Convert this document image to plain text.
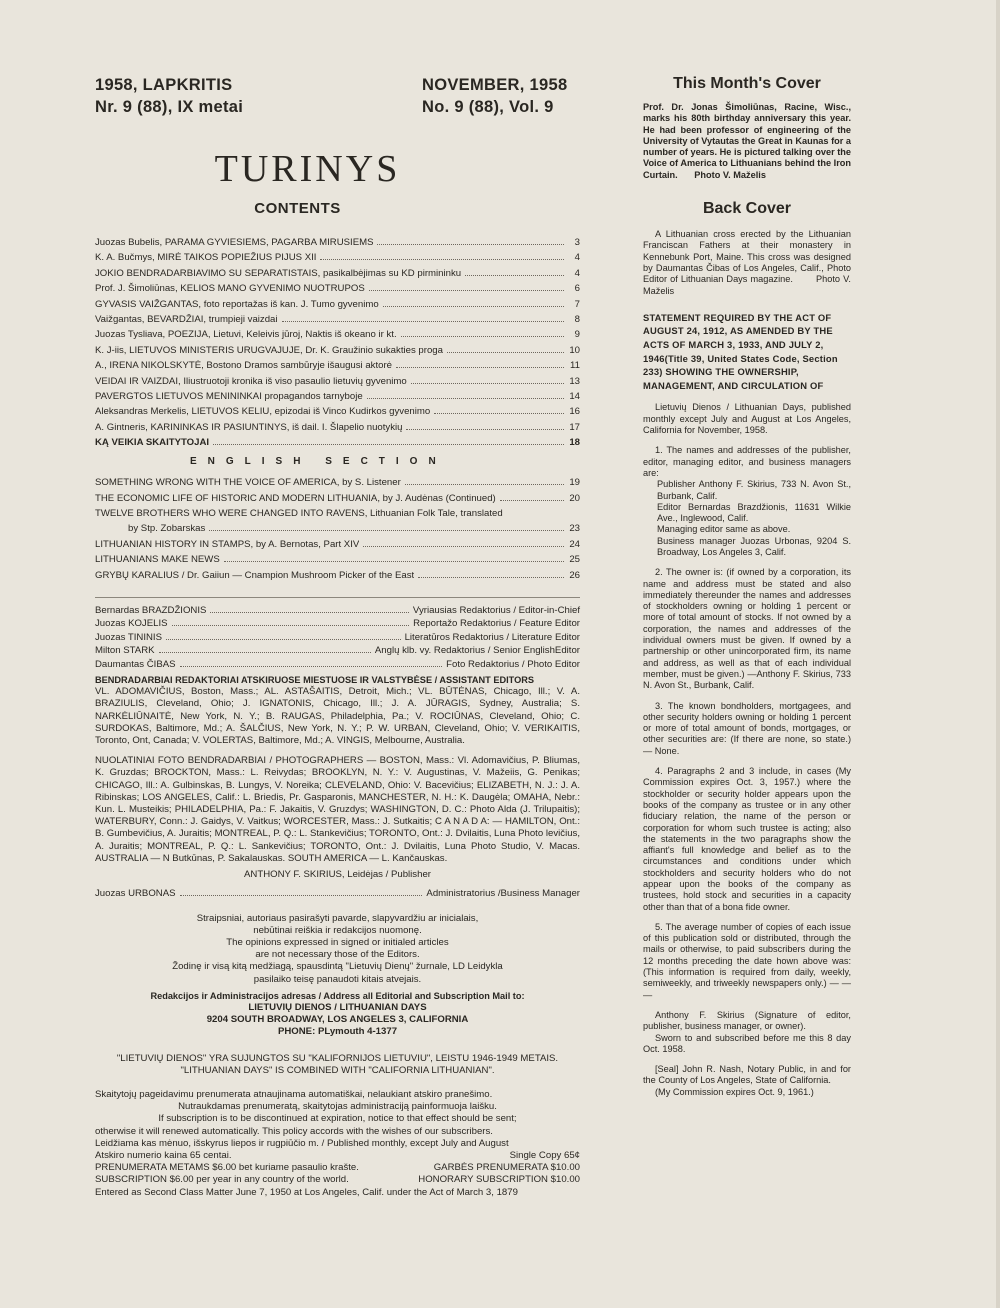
1958, LAPKRITIS
Nr. 9 (88), IX metai
NOVEMBER, 1958
No. 9 (88), Vol. 9
TURINYS
CONTENTS
Juozas Bubelis, PARAMA GYVIESIEMS, PAGARBA MIRUSIEMS	3
K. A. Bučmys, MIRĖ TAIKOS POPIEŽIUS PIJUS XII	4
JOKIO BENDRADARBIAVIMO SU SEPARATISTAIS, pasikalbėjimas su KD pirmininku	4
Prof. J. Šimoliūnas, KELIOS MANO GYVENIMO NUOTRUPOS	6
GYVASIS VAIŽGANTAS, foto reportažas iš kan. J. Tumo gyvenimo	7
Vaižgantas, BEVARDŽIAI, trumpieji vaizdai	8
Juozas Tysliava, POEZIJA, Lietuvi, Keleivis jūroj, Naktis iš okeano ir kt.	9
K. J-iis, LIETUVOS MINISTERIS URUGVAJUJE, Dr. K. Graužinio sukakties proga	10
A., IRENA NIKOLSKYTĖ, Bostono Dramos sambūryje išaugusi aktorė	11
VEIDAI IR VAIZDAI, Iliustruotoji kronika iš viso pasaulio lietuvių gyvenimo	13
PAVERGTOS LIETUVOS MENININKAI propagandos tarnyboje	14
Aleksandras Merkelis, LIETUVOS KELIU, epizodai iš Vinco Kudirkos gyvenimo	16
A. Gintneris, KARININKAS IR PASIUNTINYS, iš dail. I. Šlapelio nuotykių	17
KĄ VEIKIA SKAITYTOJAI	18
ENGLISH SECTION
SOMETHING WRONG WITH THE VOICE OF AMERICA, by S. Listener	19
THE ECONOMIC LIFE OF HISTORIC AND MODERN LITHUANIA, by J. Audėnas (Continued)	20
TWELVE BROTHERS WHO WERE CHANGED INTO RAVENS, Lithuanian Folk Tale, translated
by Stp. Zobarskas	23
LITHUANIAN HISTORY IN STAMPS, by A. Bernotas, Part XIV	24
LITHUANIANS MAKE NEWS	25
GRYBŲ KARALIUS / Dr. Gaiiun — Cnampion Mushroom Picker of the East	26
Bernardas BRAZDŽIONIS	Vyriausias Redaktorius / Editor-in-Chief
Juozas KOJELIS	Reportažo Redaktorius / Feature Editor
Juozas TININIS	Literatūros Redaktorius / Literature Editor
Milton STARK	Anglų klb. vy. Redaktorius / Senior EnglishEditor
Daumantas ČIBAS	Foto Redaktorius / Photo Editor
BENDRADARBIAI REDAKTORIAI ATSKIRUOSE MIESTUOSE IR VALSTYBĖSE / ASSISTANT EDITORS
VL. ADOMAVIČIUS, Boston, Mass.; AL. ASTAŠAITIS, Detroit, Mich.; VL. BŪTĖNAS, Chicago, Ill.; V. A. BRAZIULIS, Cleveland, Ohio; J. IGNATONIS, Chicago, Ill.; J. A. JŪRAGIS, Sydney, Australia; S. NARKĖLIŪNAITĖ, New York, N. Y.; B. RAUGAS, Philadelphia, Pa.; V. ROCIŪNAS, Cleveland, Ohio; C. SURDOKAS, Baltimore, Md.; A. ŠALČIUS, New York, N. Y.; P. W. URBAN, Cleveland, Ohio; V. VERIKAITIS, Toronto, Ont, Canada; V. VOLERTAS, Baltimore, Md.; A. VINGIS, Melbourne, Australia.
NUOLATINIAI FOTO BENDRADARBIAI / PHOTOGRAPHERS — BOSTON, Mass.: Vl. Adomavičius, P. Bliumas, K. Gruzdas; BROCKTON, Mass.: L. Reivydas; BROOKLYN, N. Y.: V. Augustinas, V. Mažeiis, G. Penikas; CHICAGO, Ill.: A. Gulbinskas, B. Lungys, V. Noreika; CLEVELAND, Ohio: V. Bacevičius; ELIZABETH, N. J.: J. A. Ribinskas; LOS ANGELES, Calif.: L. Briedis, Pr. Gasparonis, MANCHESTER, N. H.: K. Daugėla; OMAHA, Nebr.: Kun. L. Musteikis; PHILADELPHIA, Pa.: F. Jakaitis, V. Gruzdys; WASHINGTON, D. C.: Photo Alda (J. Trilupaitis); WATERBURY, Conn.: J. Gaidys, V. Vaitkus; WORCESTER, Mass.: J. Sutkaitis; C A N A D A: — HAMILTON, Ont.: B. Gumbevičius, A. Juraitis; MONTREAL, P. Q.: L. Stankevičius; TORONTO, Ont.: J. Dvilaitis, Luna Photo levičius, A. Juraitis; MONTREAL, P. Q.: L. Sankevičius; TORONTO, Ont.: J. Dvilaitis, Luna Photo Studio, V. Macas. AUSTRALIA — N Butkūnas, P. Sakalauskas. SOUTH AMERICA — L. Kančauskas.
ANTHONY F. SKIRIUS, Leidėjas / Publisher
Juozas URBONAS	Administratorius /Business Manager
Straipsniai, autoriaus pasirašyti pavarde, slapyvardžiu ar inicialais,
nebūtinai reiškia ir redakcijos nuomonę.
The opinions expressed in signed or initialed articles
are not necessary those of the Editors.
Žodinę ir visą kitą medžiagą, spausdintą "Lietuvių Dienų" žurnale, LD Leidykla
pasilaiko teisę panaudoti kitais atvejais.
Redakcijos ir Administracijos adresas / Address all Editorial and Subscription Mail to:
LIETUVIŲ DIENOS / LITHUANIAN DAYS
9204 SOUTH BROADWAY, LOS ANGELES 3, CALIFORNIA
PHONE: PLymouth 4-1377
"LIETUVIŲ DIENOS" YRA SUJUNGTOS SU "KALIFORNIJOS LIETUVIU", LEISTU 1946-1949 METAIS.
"LITHUANIAN DAYS" IS COMBINED WITH "CALIFORNIA LITHUANIAN".
Skaitytojų pageidavimu prenumerata atnaujinama automatiškai, nelaukiant atskiro pranešimo.
Nutraukdamas prenumeratą, skaitytojas administraciją painformuoja laišku.
If subscription is to be discontinued at expiration, notice to that effect should be sent;
otherwise it will renewed automatically. This policy accords with the wishes of our subscribers.
Leidžiama kas mėnuo, išskyrus liepos ir rugpiūčio m. / Published monthly, except July and August
Atskiro numerio kaina 65 centai.	Single Copy 65¢
PRENUMERATA METAMS $6.00 bet kuriame pasaulio krašte.	GARBĖS PRENUMERATA $10.00
SUBSCRIPTION $6.00 per year in any country of the world.	HONORARY SUBSCRIPTION $10.00
Entered as Second Class Matter June 7, 1950 at Los Angeles, Calif. under the Act of March 3, 1879
This Month's Cover
Prof. Dr. Jonas Šimoliūnas, Racine, Wisc., marks his 80th birthday anniversary this year. He had been professor of engineering of the University of Vytautas the Great in Kaunas for a number of years. He is pictured talking over the Voice of America to Lithuanians behind the Iron Curtain. Photo V. Maželis
Back Cover
A Lithuanian cross erected by the Lithuanian Franciscan Fathers at their monastery in Kennebunk Port, Maine. This cross was designed by Daumantas Čibas of Los Angeles, Calif., Photo Editor of Lithuanian Days magazine.	Photo V. Maželis
STATEMENT REQUIRED BY THE ACT OF AUGUST 24, 1912, AS AMENDED BY THE ACTS OF MARCH 3, 1933, AND JULY 2, 1946(Title 39, United States Code, Section 233) SHOWING THE OWNERSHIP, MANAGEMENT, AND CIRCULATION OF

Lietuvių Dienos / Lithuanian Days, published monthly except July and August at Los Angeles, California for November, 1958.

1. The names and addresses of the publisher, editor, managing editor, and business managers are:

Publisher Anthony F. Skirius, 733 N. Avon St., Burbank, Calif.

Editor Bernardas Brazdžionis, 11631 Wilkie Ave., Inglewood, Calif.

Managing editor same as above.

Business manager Juozas Urbonas, 9204 S. Broadway, Los Angeles 3, Calif.

2. The owner is: (if owned by a corporation, its name and address must be stated and also immediately thereunder the names and addresses of stockholders owning or holding 1 percent or more of total amount of stocks. If not owned by a corporation, the names and addresses of the individual owners must be given. If owned by a partnership or other unincorporated firm, its name and address, as well as that of each individual member, must be given.) —Anthony F. Skirius, 733 N. Avon St., Burbank, Calif.

3. The known bondholders, mortgagees, and other security holders owning or holding 1 percent or more of total amount of bonds, mortgages, or other securities are: (If there are none, so state.) — None.

4. Paragraphs 2 and 3 include, in cases (My Commission expires Oct. 3, 1957.) where the stockholder or security holder appears upon the books of the company as trustee or in any other fiduciary relation, the name of the person or corporation for whom such trustee is acting; also the statements in the two paragraphs show the affiant's full knowledge and belief as to the circumstances and conditions under which stockholders and security holders who do not appear upon the books of the company as trustees, hold stock and securities in a capacity other than that of a bona fide owner.

5. The average number of copies of each issue of this publication sold or distributed, through the mails or otherwise, to paid subscribers during the 12 months preceding the date hown above was: (This information is required from daily, weekly, semiweekly, and triweekly newspapers only.) — — —

Anthony F. Skirius (Signature of editor, publisher, business manager, or owner).

Sworn to and subscribed before me this 8 day Oct. 1958.

[Seal] John R. Nash, Notary Public, in and for the County of Los Angeles, State of California.

(My Commission expires Oct. 9, 1961.)
